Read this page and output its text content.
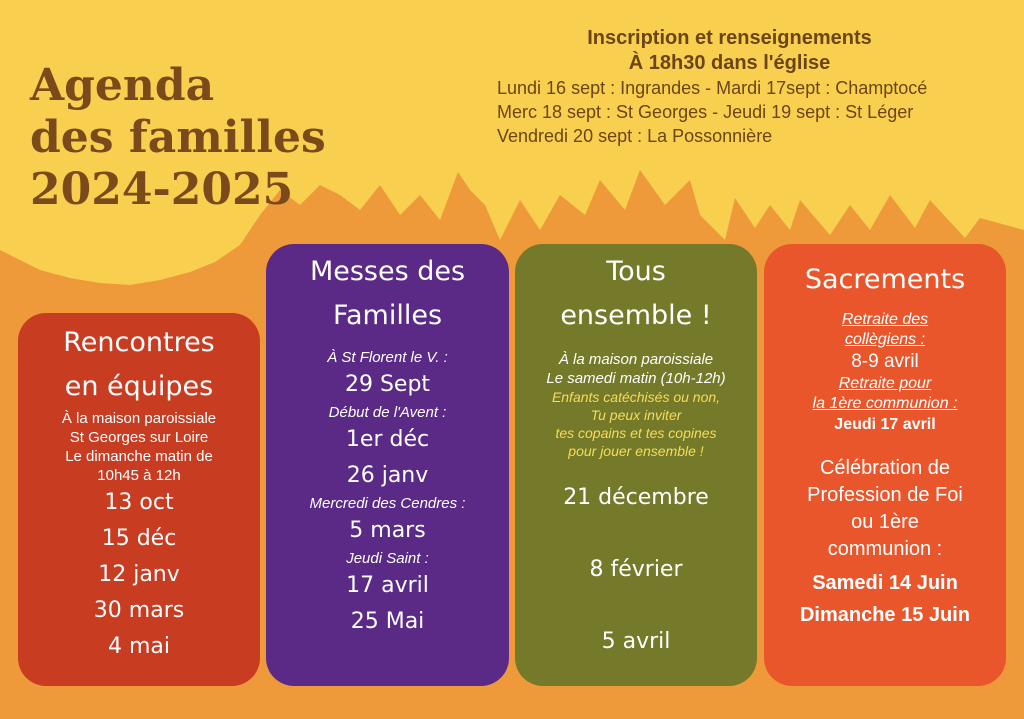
Agenda
des familles
2024-2025
Inscription et renseignements
À 18h30 dans l'église
Lundi 16 sept : Ingrandes - Mardi 17sept : Champtocé
Merc 18 sept : St Georges - Jeudi 19 sept : St Léger
Vendredi 20 sept : La Possonnière
Rencontres
en équipes
À la maison paroissiale
St Georges sur Loire
Le dimanche matin de
10h45 à 12h
13 oct
15 déc
12 janv
30 mars
4 mai
Messes des
Familles
À St Florent le V. :
29 Sept
Début de l'Avent :
1er déc
26 janv
Mercredi des Cendres :
5 mars
Jeudi Saint :
17 avril
25 Mai
Tous
ensemble !
À la maison paroissiale
Le samedi matin (10h-12h)
Enfants catéchisés ou non,
Tu peux inviter
tes copains et tes copines
pour jouer ensemble !
21 décembre
8 février
5 avril
Sacrements
Retraite des
collègiens :
8-9 avril
Retraite pour
la 1ère communion :
Jeudi 17 avril
Célébration de
Profession de Foi
ou 1ère
communion :
Samedi 14 Juin
Dimanche 15 Juin
